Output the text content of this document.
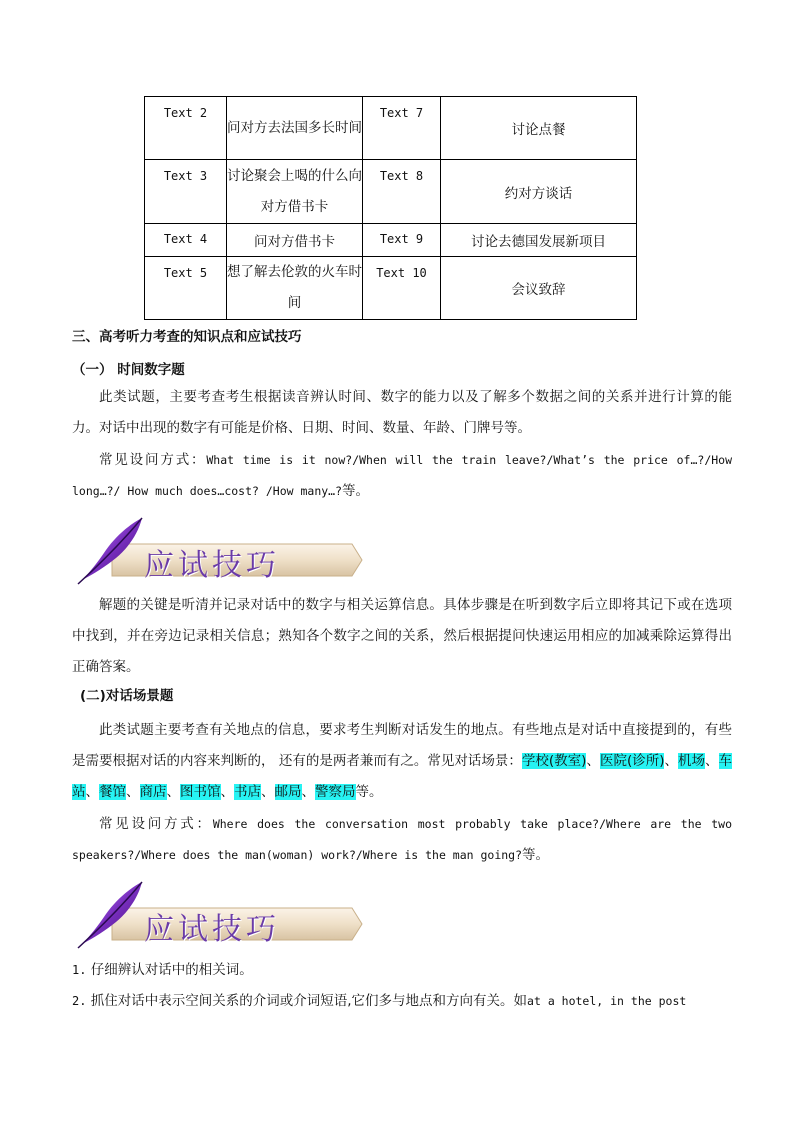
Text 2	问对方去法国多长时间	Text 7	讨论点餐
Text 3	讨论聚会上喝的什么向对方借书卡	Text 8	约对方谈话
Text 4	问对方借书卡	Text 9	讨论去德国发展新项目
Text 5	想了解去伦敦的火车时间	Text 10	会议致辞
三、高考听力考查的知识点和应试技巧
（一） 时间数字题
此类试题，主要考查考生根据读音辨认时间、数字的能力以及了解多个数据之间的关系并进行计算的能力。对话中出现的数字有可能是价格、日期、时间、数量、年龄、门牌号等。
常见设问方式：What time is it now?/When will the train leave?/What’s the price of…?/How long…?/ How much does…cost? /How many…?等。
应试技巧
解题的关键是听清并记录对话中的数字与相关运算信息。具体步骤是在听到数字后立即将其记下或在选项中找到，并在旁边记录相关信息；熟知各个数字之间的关系，然后根据提问快速运用相应的加减乘除运算得出正确答案。
(二)对话场景题
此类试题主要考查有关地点的信息，要求考生判断对话发生的地点。有些地点是对话中直接提到的，有些是需要根据对话的内容来判断的， 还有的是两者兼而有之。常见对话场景：学校(教室)、医院(诊所)、机场、车站、餐馆、商店、图书馆、书店、邮局、警察局等。
常见设问方式：Where does the conversation most probably take place?/Where are the two speakers?/Where does the man(woman) work?/Where is the man going?等。
应试技巧
1. 仔细辨认对话中的相关词。
2. 抓住对话中表示空间关系的介词或介词短语,它们多与地点和方向有关。如at a hotel, in the post
